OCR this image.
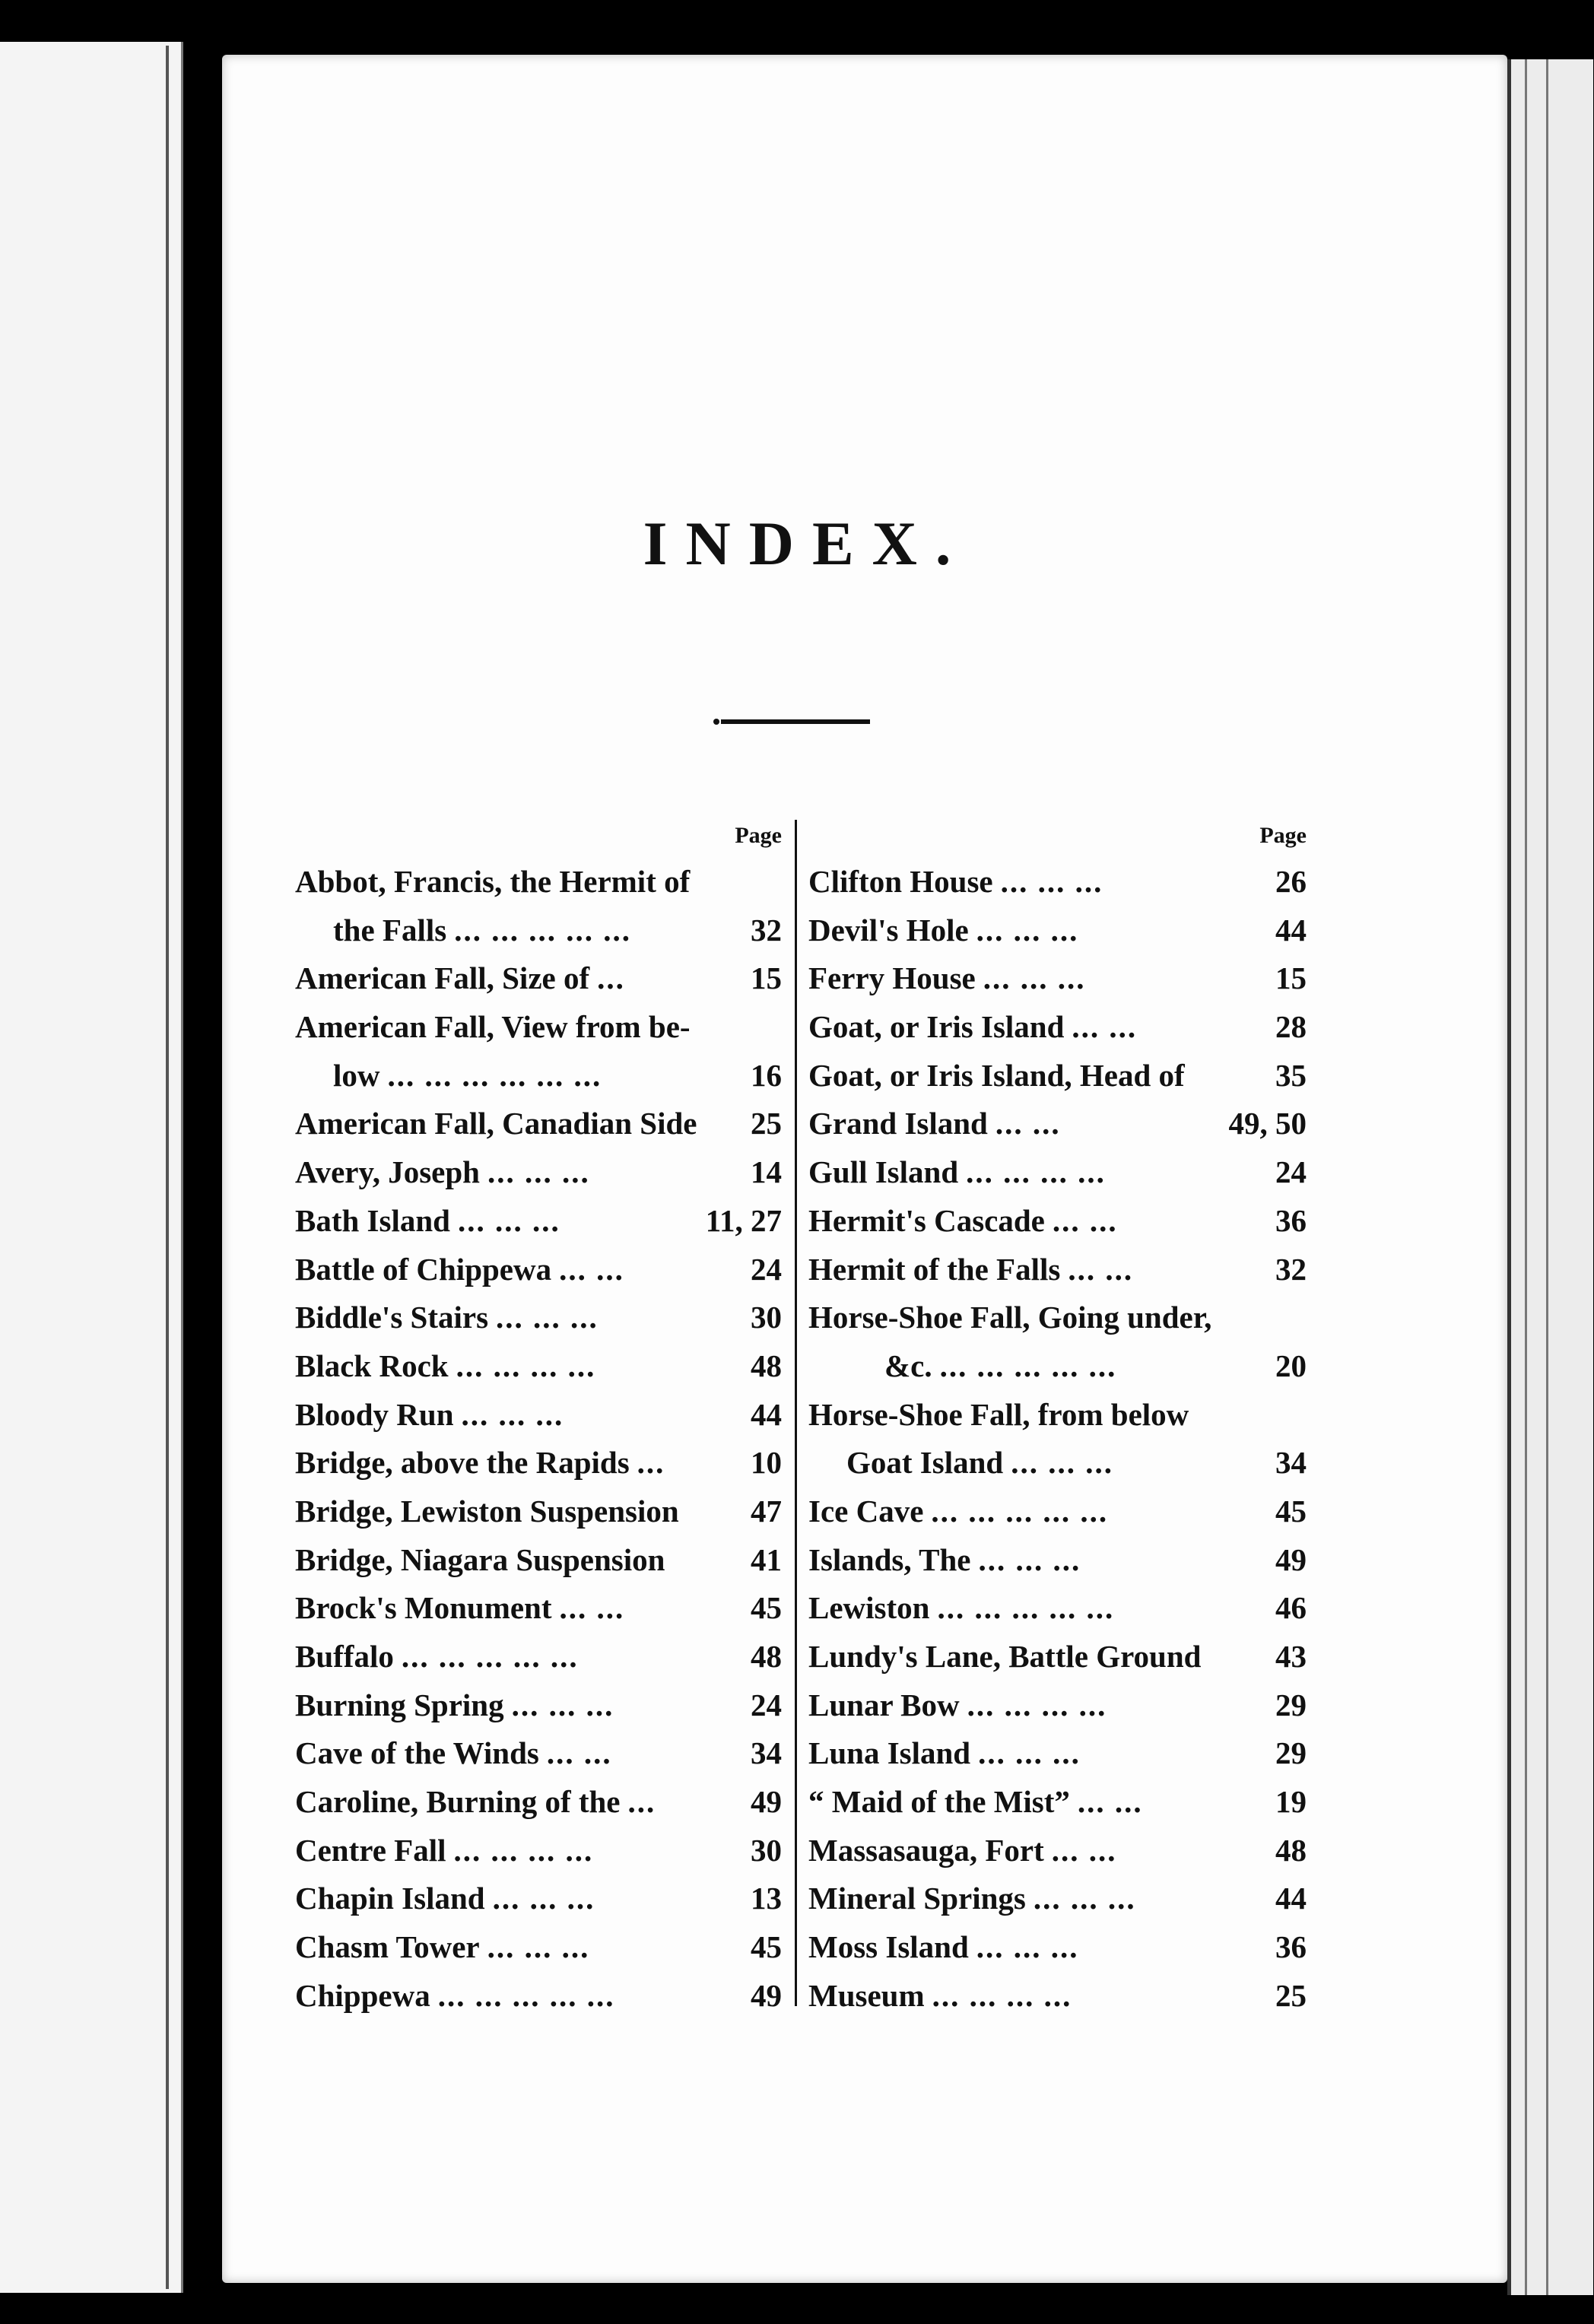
INDEX.
Page
Abbot, Francis, the Hermit of
the Falls ... ... ... ... ...	32
American Fall, Size of ...	15
American Fall, View from be-
low ... ... ... ... ... ...	16
American Fall, Canadian Side 25
Avery, Joseph ... ... ...	14
Bath Island ... ... ...	11, 27
Battle of Chippewa ... ...	24
Biddle's Stairs ... ... ...	30
Black Rock ... ... ... ...	48
Bloody Run ... ... ...	44
Bridge, above the Rapids ...	10
Bridge, Lewiston Suspension 47
Bridge, Niagara Suspension	41
Brock's Monument ... ...	45
Buffalo ... ... ... ... ...	48
Burning Spring ... ... ...	24
Cave of the Winds ... ...	34
Caroline, Burning of the ...	49
Centre Fall ... ... ... ...	30
Chapin Island ... ... ...	13
Chasm Tower ... ... ...	45
Chippewa ... ... ... ... ...	49
Page
Clifton House ... ... ...	26
Devil's Hole ... ... ...	44
Ferry House ... ... ...	15
Goat, or Iris Island ... ...	28
Goat, or Iris Island, Head of	35
Grand Island ... ...	49, 50
Gull Island ... ... ... ...	24
Hermit's Cascade ... ...	36
Hermit of the Falls ... ...	32
Horse-Shoe Fall, Going under,
&c. ... ... ... ... ...	20
Horse-Shoe Fall, from below
Goat Island ... ... ...	34
Ice Cave ... ... ... ... ...	45
Islands, The ... ... ...	49
Lewiston ... ... ... ... ...	46
Lundy's Lane, Battle Ground 43
Lunar Bow ... ... ... ...	29
Luna Island ... ... ...	29
“ Maid of the Mist” ... ...	19
Massasauga, Fort ... ...	48
Mineral Springs ... ... ...	44
Moss Island ... ... ...	36
Museum ... ... ... ...	25
